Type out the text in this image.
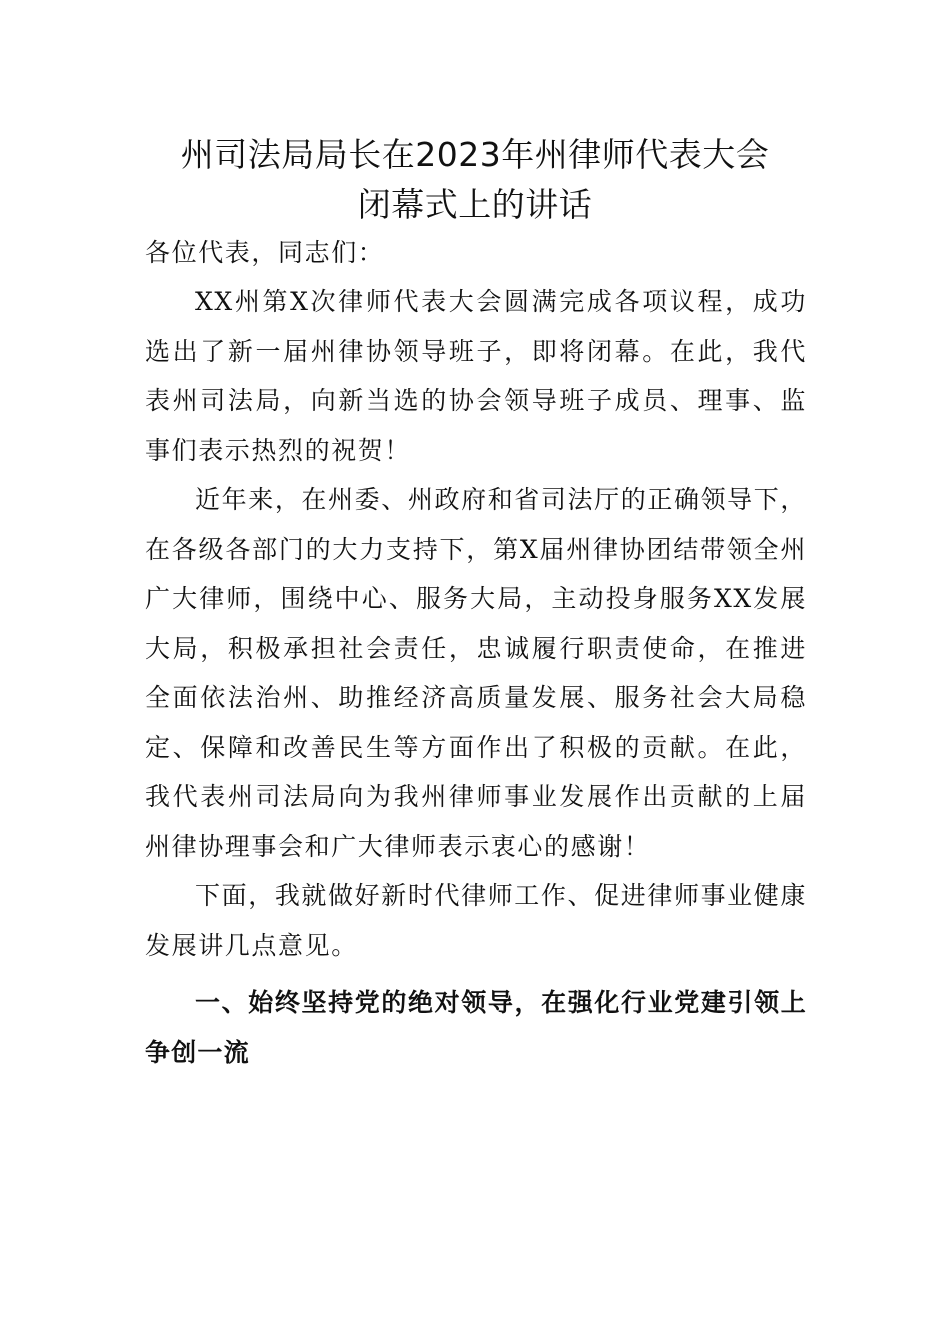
州司法局局长在2023年州律师代表大会
闭幕式上的讲话
各位代表，同志们：
XX州第X次律师代表大会圆满完成各项议程，成功选出了新一届州律协领导班子，即将闭幕。在此，我代表州司法局，向新当选的协会领导班子成员、理事、监事们表示热烈的祝贺！
近年来，在州委、州政府和省司法厅的正确领导下，在各级各部门的大力支持下，第X届州律协团结带领全州广大律师，围绕中心、服务大局，主动投身服务XX发展大局，积极承担社会责任，忠诚履行职责使命，在推进全面依法治州、助推经济高质量发展、服务社会大局稳定、保障和改善民生等方面作出了积极的贡献。在此，我代表州司法局向为我州律师事业发展作出贡献的上届州律协理事会和广大律师表示衷心的感谢！
下面，我就做好新时代律师工作、促进律师事业健康发展讲几点意见。
一、始终坚持党的绝对领导，在强化行业党建引领上争创一流
